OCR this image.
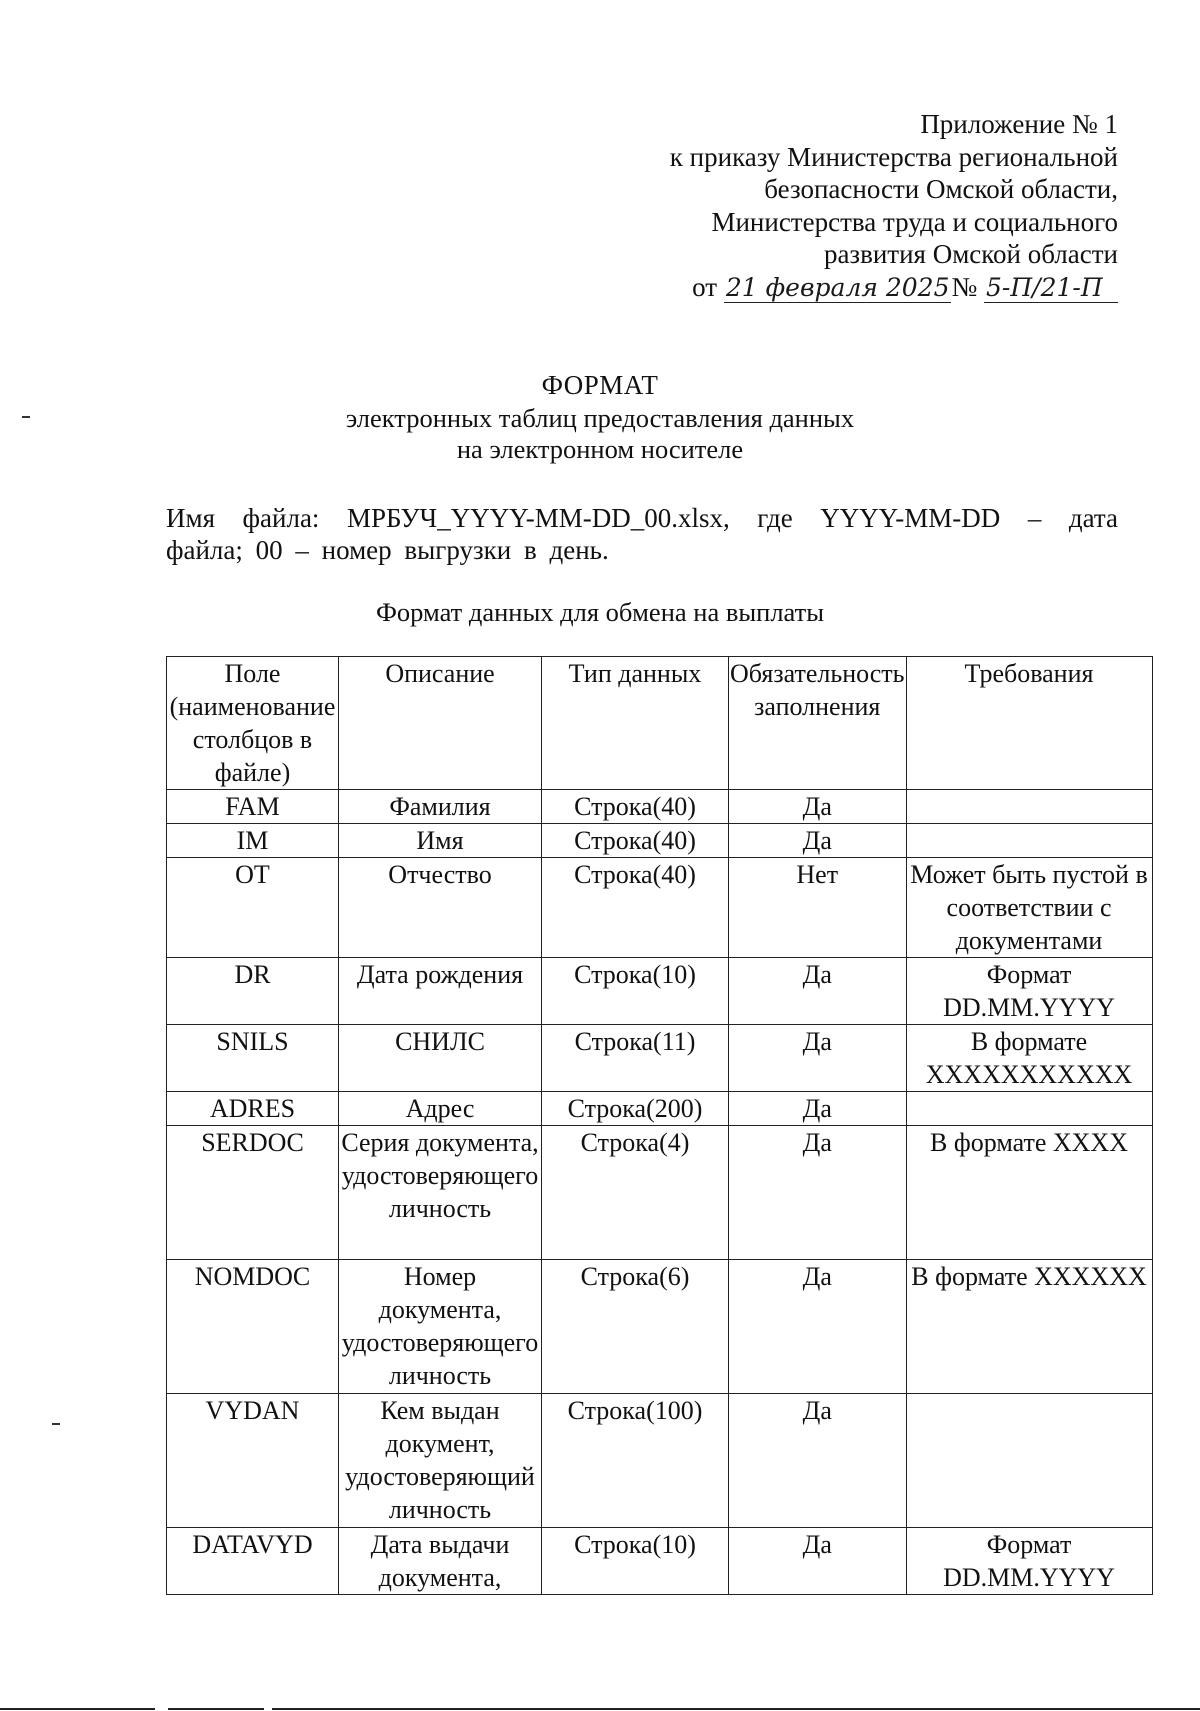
Приложение № 1
к приказу Министерства региональной
безопасности Омской области,
Министерства труда и социального
развития Омской области
от 21 февраля 2025№ 5-П/21-П
ФОРМАТ
электронных таблиц предоставления данных
на электронном носителе
Имя файла: МРБУЧ_YYYY-MM-DD_00.xlsx, где YYYY-MM-DD – дата файла; 00 – номер выгрузки в день.
Формат данных для обмена на выплаты
Поле (наименование столбцов в файле)	Описание	Тип данных	Обязательность заполнения	Требования
FAM	Фамилия	Строка(40)	Да	
IM	Имя	Строка(40)	Да	
OT	Отчество	Строка(40)	Нет	Может быть пустой в соответствии с документами
DR	Дата рождения	Строка(10)	Да	Формат DD.MM.YYYY
SNILS	СНИЛС	Строка(11)	Да	В формате XXXXXXXXXXX
ADRES	Адрес	Строка(200)	Да	
SERDOC	Серия документа, удостоверяющего личность	Строка(4)	Да	В формате XXXX
NOMDOC	Номер документа, удостоверяющего личность	Строка(6)	Да	В формате XXXXXX
VYDAN	Кем выдан документ, удостоверяющий личность	Строка(100)	Да	
DATAVYD	Дата выдачи документа,	Строка(10)	Да	Формат DD.MM.YYYY
